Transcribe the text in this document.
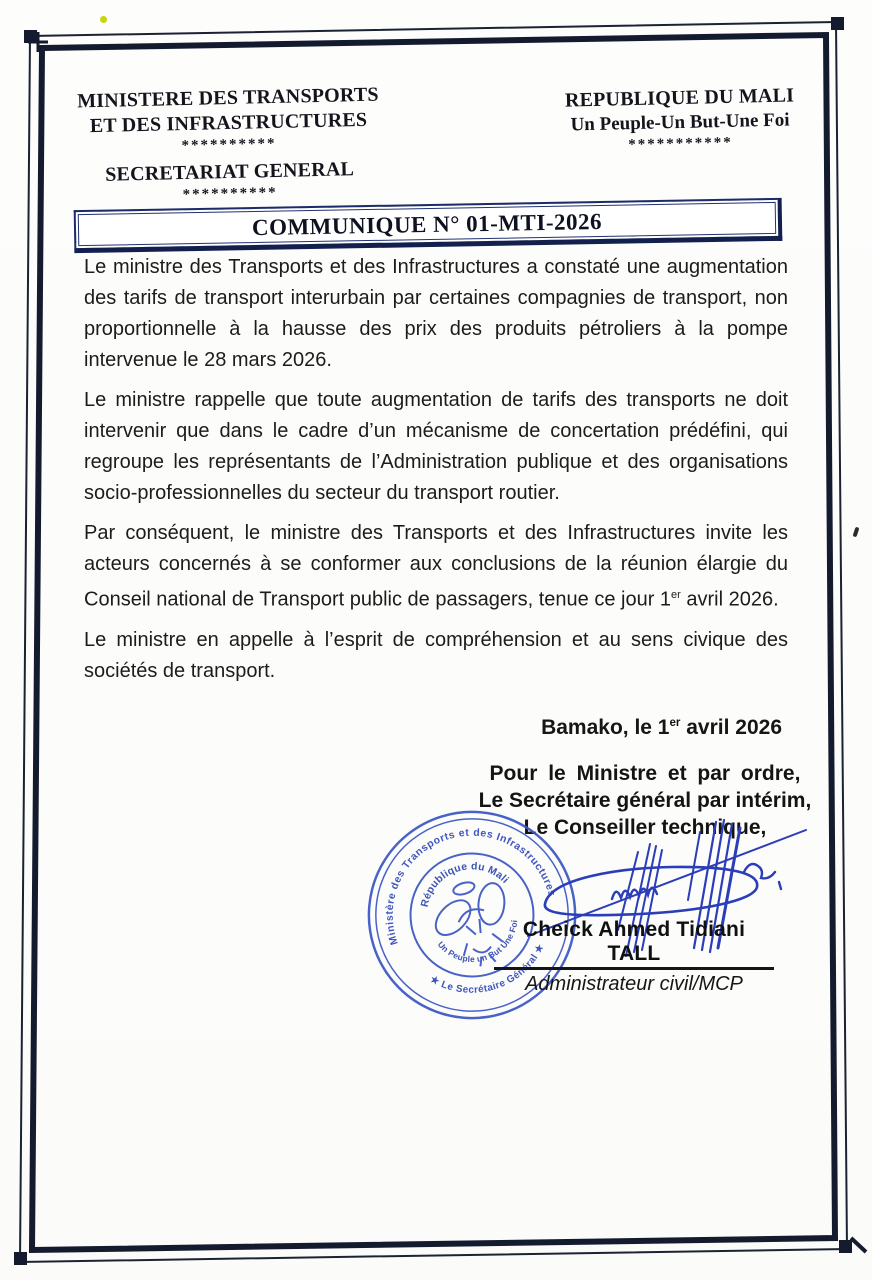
MINISTERE DES TRANSPORTS
ET DES INFRASTRUCTURES
**********
SECRETARIAT GENERAL
**********
REPUBLIQUE DU MALI
Un Peuple-Un But-Une Foi
***********
COMMUNIQUE N° 01-MTI-2026

Le ministre des Transports et des Infrastructures a constaté une augmentation des tarifs de transport interurbain par certaines compagnies de transport, non proportionnelle à la hausse des prix des produits pétroliers à la pompe intervenue le 28 mars 2026.

Le ministre rappelle que toute augmentation de tarifs des transports ne doit intervenir que dans le cadre d’un mécanisme de concertation prédéfini, qui regroupe les représentants de l’Administration publique et des organisations socio-professionnelles du secteur du transport routier.

Par conséquent, le ministre des Transports et des Infrastructures invite les acteurs concernés à se conformer aux conclusions de la réunion élargie du Conseil national de Transport public de passagers, tenue ce jour 1er avril 2026.

Le ministre en appelle à l’esprit de compréhension et au sens civique des sociétés de transport.

Bamako, le 1er avril 2026
Pour le Ministre et par ordre,
Le Secrétaire général par intérim,
Le Conseiller technique,
Ministère des Transports et des Infrastructures
★ Le Secrétaire Général ★
République du Mali
Un Peuple un But Une Foi Cheick Ahmed Tidiani TALL
Administrateur civil/MCP
